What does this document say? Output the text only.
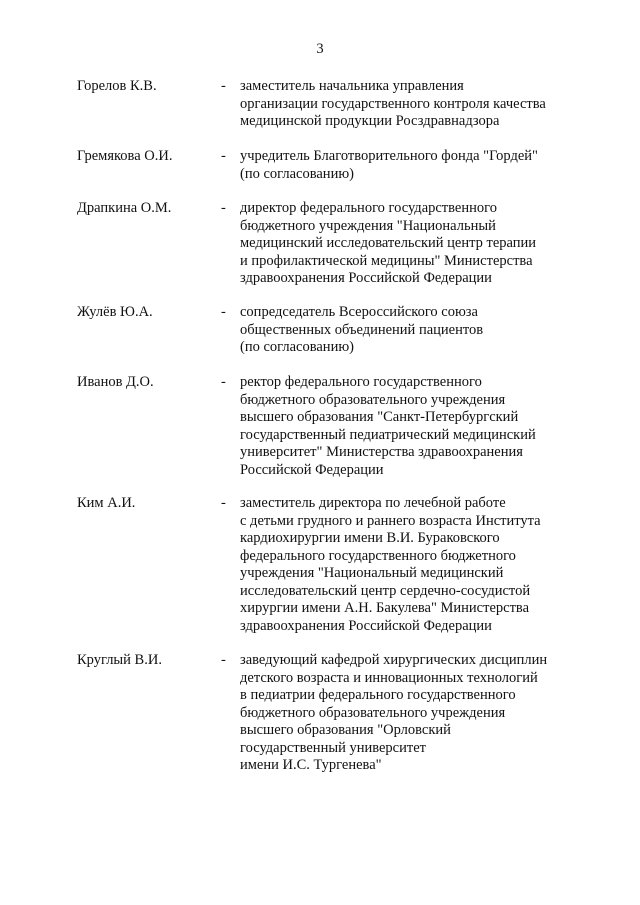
3
Горелов К.В.	- заместитель начальника управления
организации государственного контроля качества
медицинской продукции Росздравнадзора
Гремякова О.И.	- учредитель Благотворительного фонда "Гордей"
(по согласованию)
Драпкина О.М.	- директор федерального государственного
бюджетного учреждения "Национальный
медицинский исследовательский центр терапии
и профилактической медицины" Министерства
здравоохранения Российской Федерации
Жулёв Ю.А.	- сопредседатель Всероссийского союза
общественных объединений пациентов
(по согласованию)
Иванов Д.О.	- ректор федерального государственного
бюджетного образовательного учреждения
высшего образования "Санкт-Петербургский
государственный педиатрический медицинский
университет" Министерства здравоохранения
Российской Федерации
Ким А.И.	- заместитель директора по лечебной работе
с детьми грудного и раннего возраста Института
кардиохирургии имени В.И. Бураковского
федерального государственного бюджетного
учреждения "Национальный медицинский
исследовательский центр сердечно-сосудистой
хирургии имени А.Н. Бакулева" Министерства
здравоохранения Российской Федерации
Круглый В.И.	- заведующий кафедрой хирургических дисциплин
детского возраста и инновационных технологий
в педиатрии федерального государственного
бюджетного образовательного учреждения
высшего образования "Орловский
государственный университет
имени И.С. Тургенева"
